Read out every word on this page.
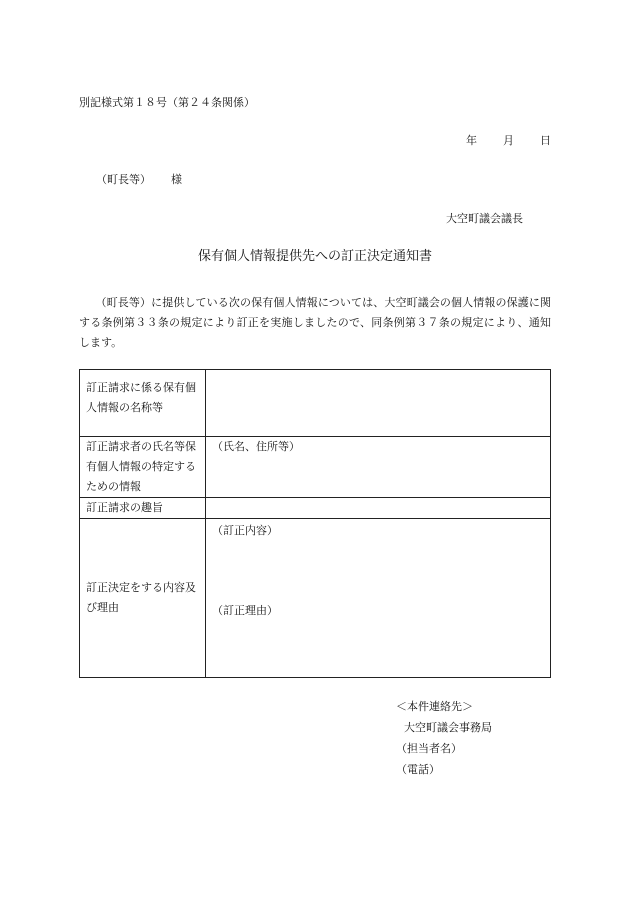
別記様式第１８号（第２４条関係）
年 月 日
（町長等） 様
大空町議会議長
保有個人情報提供先への訂正決定通知書
（町長等）に提供している次の保有個人情報については、大空町議会の個人情報の保護に関する条例第３３条の規定により訂正を実施しましたので、同条例第３７条の規定により、通知します。
訂正請求に係る保有個人情報の名称等	
訂正請求者の氏名等保有個人情報の特定するための情報	（氏名、住所等）
訂正請求の趣旨	
訂正決定をする内容及び理由	（訂正内容）
（訂正理由）
＜本件連絡先＞
大空町議会事務局
（担当者名）
（電話）
